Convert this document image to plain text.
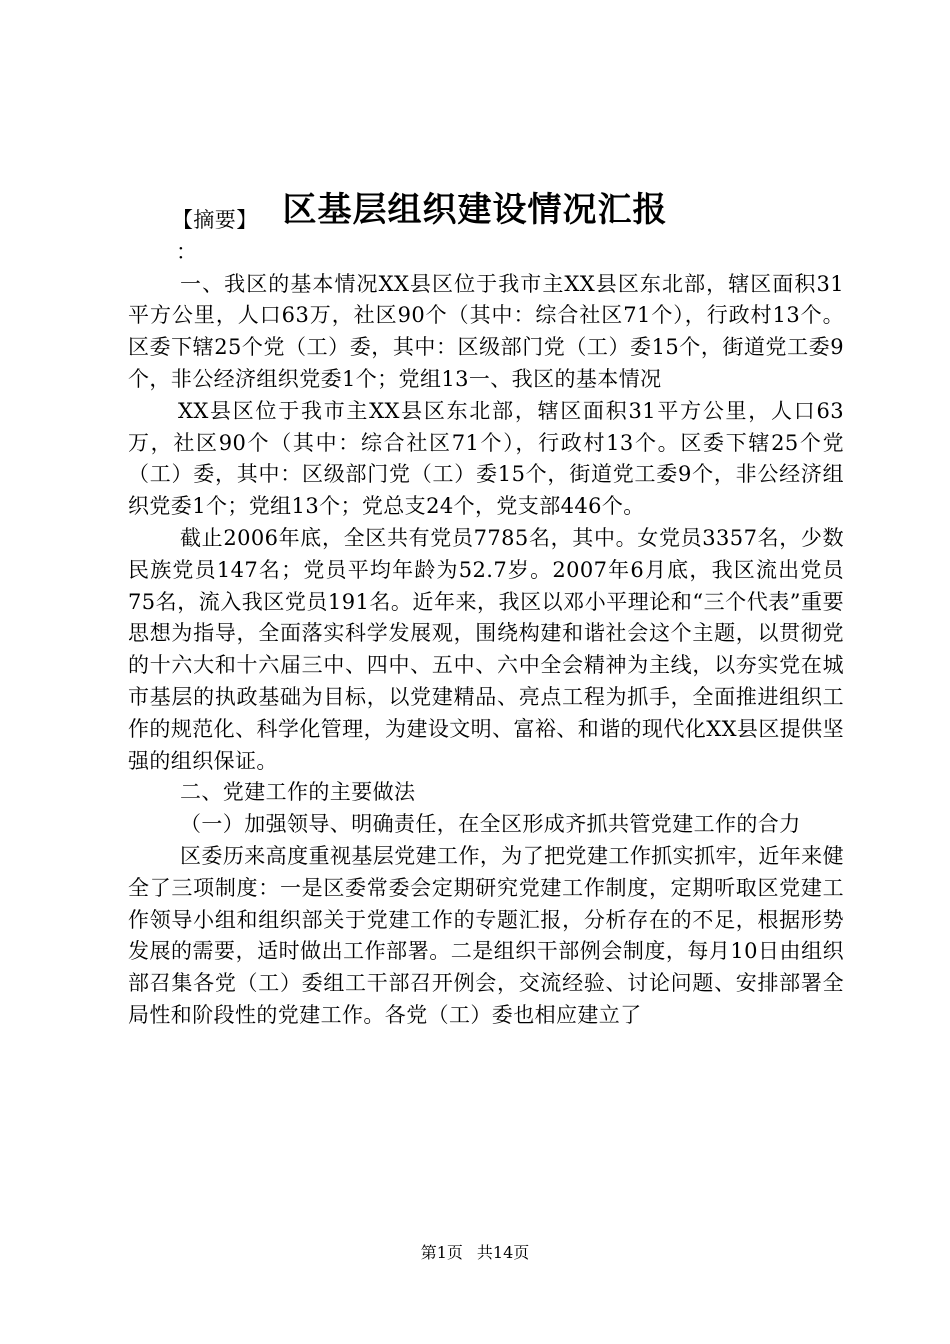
区基层组织建设情况汇报

【摘要】

：

一、我区的基本情况XX县区位于我市主XX县区东北部，辖区面积31平方公里，人口63万，社区90个（其中：综合社区71个），行政村13个。区委下辖25个党（工）委，其中：区级部门党（工）委15个，街道党工委9个，非公经济组织党委1个；党组13一、我区的基本情况

XX县区位于我市主XX县区东北部，辖区面积31平方公里，人口63万，社区90个（其中：综合社区71个），行政村13个。区委下辖25个党（工）委，其中：区级部门党（工）委15个，街道党工委9个，非公经济组织党委1个；党组13个；党总支24个，党支部446个。

截止2006年底，全区共有党员7785名，其中。女党员3357名，少数民族党员147名；党员平均年龄为52.7岁。2007年6月底，我区流出党员75名，流入我区党员191名。近年来，我区以邓小平理论和“三个代表”重要思想为指导，全面落实科学发展观，围绕构建和谐社会这个主题，以贯彻党的十六大和十六届三中、四中、五中、六中全会精神为主线，以夯实党在城市基层的执政基础为目标，以党建精品、亮点工程为抓手，全面推进组织工作的规范化、科学化管理，为建设文明、富裕、和谐的现代化XX县区提供坚强的组织保证。

二、党建工作的主要做法

（一）加强领导、明确责任，在全区形成齐抓共管党建工作的合力

区委历来高度重视基层党建工作，为了把党建工作抓实抓牢，近年来健全了三项制度：一是区委常委会定期研究党建工作制度，定期听取区党建工作领导小组和组织部关于党建工作的专题汇报，分析存在的不足，根据形势发展的需要，适时做出工作部署。二是组织干部例会制度，每月10日由组织部召集各党（工）委组工干部召开例会，交流经验、讨论问题、安排部署全局性和阶段性的党建工作。各党（工）委也相应建立了

第1页 共14页
